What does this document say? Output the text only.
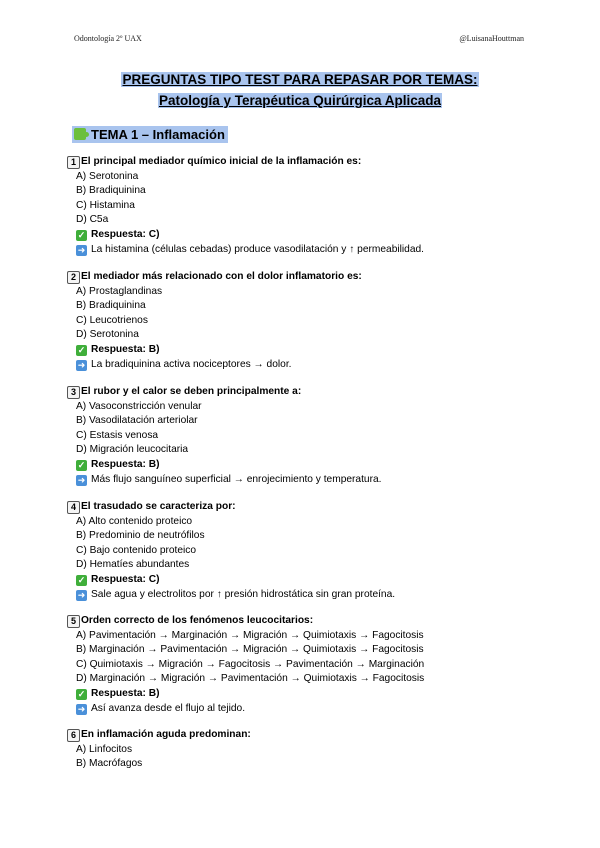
Odontología 2º UAX	@LuisanaHouttman
PREGUNTAS TIPO TEST PARA REPASAR POR TEMAS:
Patología y Terapéutica Quirúrgica Aplicada
TEMA 1 – Inflamación
1 El principal mediador químico inicial de la inflamación es:
A) Serotonina
B) Bradiquinina
C) Histamina
D) C5a
✓ Respuesta: C)
➜ La histamina (células cebadas) produce vasodilatación y ↑ permeabilidad.
2 El mediador más relacionado con el dolor inflamatorio es:
A) Prostaglandinas
B) Bradiquinina
C) Leucotrienos
D) Serotonina
✓ Respuesta: B)
➜ La bradiquinina activa nociceptores → dolor.
3 El rubor y el calor se deben principalmente a:
A) Vasoconstricción venular
B) Vasodilatación arteriolar
C) Estasis venosa
D) Migración leucocitaria
✓ Respuesta: B)
➜ Más flujo sanguíneo superficial → enrojecimiento y temperatura.
4 El trasudado se caracteriza por:
A) Alto contenido proteico
B) Predominio de neutrófilos
C) Bajo contenido proteico
D) Hematíes abundantes
✓ Respuesta: C)
➜ Sale agua y electrolitos por ↑ presión hidrostática sin gran proteína.
5 Orden correcto de los fenómenos leucocitarios:
A) Pavimentación → Marginación → Migración → Quimiotaxis → Fagocitosis
B) Marginación → Pavimentación → Migración → Quimiotaxis → Fagocitosis
C) Quimiotaxis → Migración → Fagocitosis → Pavimentación → Marginación
D) Marginación → Migración → Pavimentación → Quimiotaxis → Fagocitosis
✓ Respuesta: B)
➜ Así avanza desde el flujo al tejido.
6 En inflamación aguda predominan:
A) Linfocitos
B) Macrófagos
